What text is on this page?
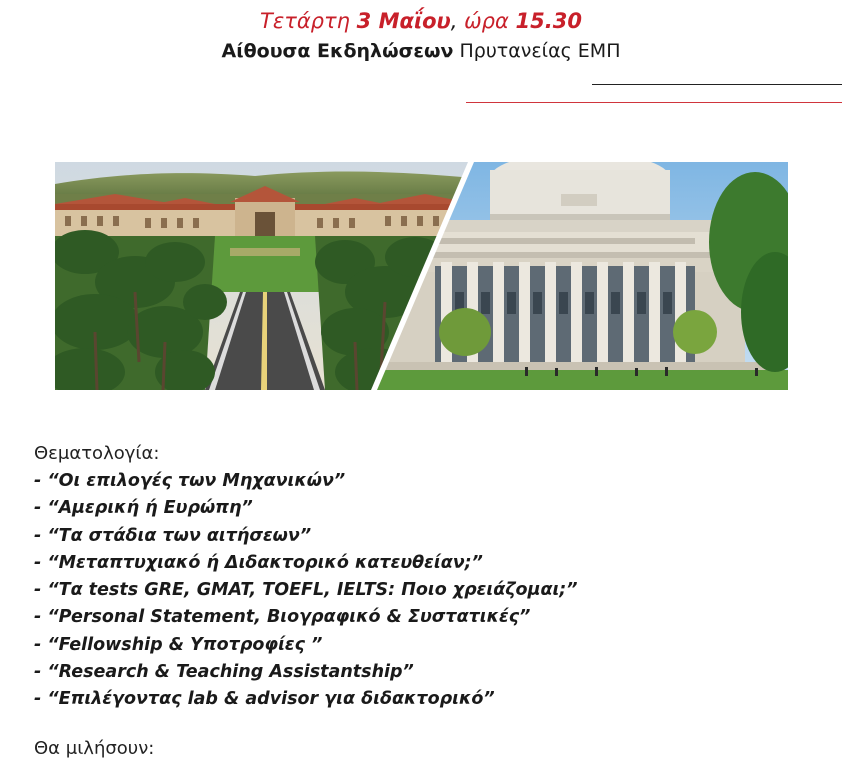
Τετάρτη 3 Μαΐου, ώρα 15.30
Αίθουσα Εκδηλώσεων Πρυτανείας ΕΜΠ
Θεματολογία:
- “Οι επιλογές των Μηχανικών”
- “Αμερική ή Ευρώπη”
- “Τα στάδια των αιτήσεων”
- “Μεταπτυχιακό ή Διδακτορικό κατευθείαν;”
- “Τα tests GRE, GMAT, TOEFL, IELTS: Ποιο χρειάζομαι;”
- “Personal Statement, Βιογραφικό & Συστατικές”
- “Fellowship & Υποτροφίες ”
- “Research & Teaching Assistantship”
- “Επιλέγοντας lab & advisor για διδακτορικό”
Θα μιλήσουν:
